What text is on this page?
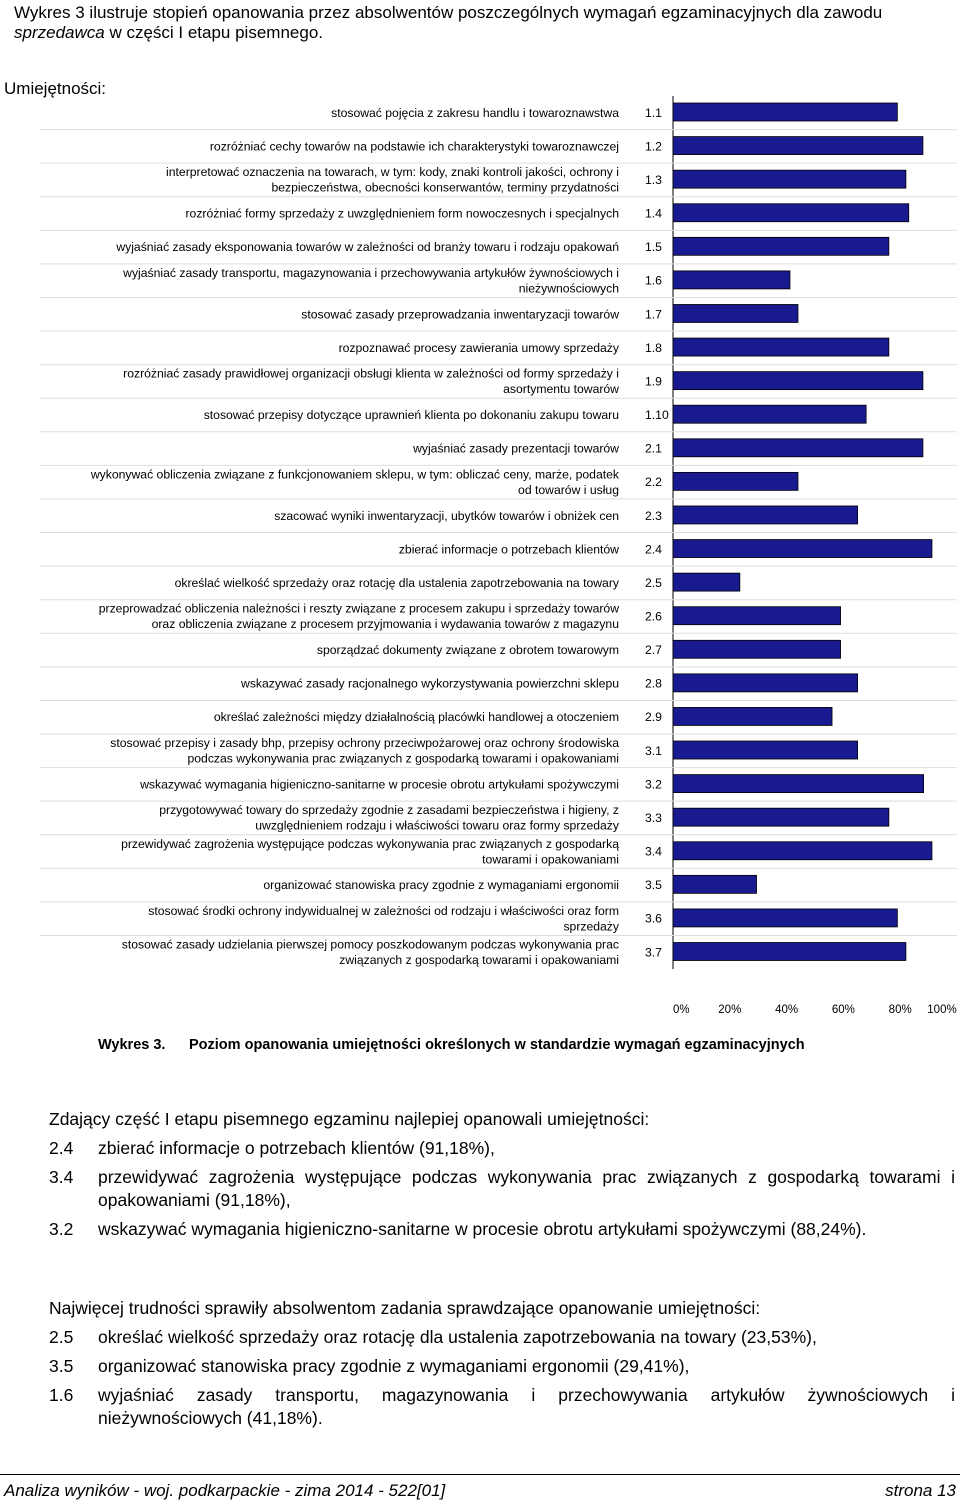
Wykres 3 ilustruje stopień opanowania przez absolwentów poszczególnych wymagań egzaminacyjnych dla zawodu sprzedawca w części I etapu pisemnego.
Umiejętności:
1.1
stosować pojęcia z zakresu handlu i towaroznawstwa
1.2
rozróżniać cechy towarów na podstawie ich charakterystyki towaroznawczej
1.3
interpretować oznaczenia na towarach, w tym: kody, znaki kontroli jakości, ochrony i
bezpieczeństwa, obecności konserwantów, terminy przydatności
1.4
rozróżniać formy sprzedaży z uwzględnieniem form nowoczesnych i specjalnych
1.5
wyjaśniać zasady eksponowania towarów w zależności od branży towaru i rodzaju opakowań
1.6
wyjaśniać zasady transportu, magazynowania i przechowywania artykułów żywnościowych i
nieżywnościowych
1.7
stosować zasady przeprowadzania inwentaryzacji towarów
1.8
rozpoznawać procesy zawierania umowy sprzedaży
1.9
rozróżniać zasady prawidłowej organizacji obsługi klienta w zależności od formy sprzedaży i
asortymentu towarów
1.10
stosować przepisy dotyczące uprawnień klienta po dokonaniu zakupu towaru
2.1
wyjaśniać zasady prezentacji towarów
2.2
wykonywać obliczenia związane z funkcjonowaniem sklepu, w tym: obliczać ceny, marże, podatek
od towarów i usług
2.3
szacować wyniki inwentaryzacji, ubytków towarów i obniżek cen
2.4
zbierać informacje o potrzebach klientów
2.5
określać wielkość sprzedaży oraz rotację dla ustalenia zapotrzebowania na towary
2.6
przeprowadzać obliczenia należności i reszty związane z procesem zakupu i sprzedaży towarów
oraz obliczenia związane z procesem przyjmowania i wydawania towarów z magazynu
2.7
sporządzać dokumenty związane z obrotem towarowym
2.8
wskazywać zasady racjonalnego wykorzystywania powierzchni sklepu
2.9
określać zależności między działalnością placówki handlowej a otoczeniem
3.1
stosować przepisy i zasady bhp, przepisy ochrony przeciwpożarowej oraz ochrony środowiska
podczas wykonywania prac związanych z gospodarką towarami i opakowaniami
3.2
wskazywać wymagania higieniczno-sanitarne w procesie obrotu artykułami spożywczymi
3.3
przygotowywać towary do sprzedaży zgodnie z zasadami bezpieczeństwa i higieny, z
uwzględnieniem rodzaju i właściwości towaru oraz formy sprzedaży
3.4
przewidywać zagrożenia występujące podczas wykonywania prac związanych z gospodarką
towarami i opakowaniami
3.5
organizować stanowiska pracy zgodnie z wymaganiami ergonomii
3.6
stosować środki ochrony indywidualnej w zależności od rodzaju i właściwości oraz form
sprzedaży
3.7
stosować zasady udzielania pierwszej pomocy poszkodowanym podczas wykonywania prac
związanych z gospodarką towarami i opakowaniami
0% 20%	40%	60%	80% 100%
Wykres 3. Poziom opanowania umiejętności określonych w standardzie wymagań egzaminacyjnych
Zdający część I etapu pisemnego egzaminu najlepiej opanowali umiejętności:
2.4	zbierać informacje o potrzebach klientów (91,18%),
3.4	przewidywać zagrożenia występujące podczas wykonywania prac związanych z gospodarką towarami i opakowaniami (91,18%),
3.2	wskazywać wymagania higieniczno-sanitarne w procesie obrotu artykułami spożywczymi (88,24%).
Najwięcej trudności sprawiły absolwentom zadania sprawdzające opanowanie umiejętności:
2.5	określać wielkość sprzedaży oraz rotację dla ustalenia zapotrzebowania na towary (23,53%),
3.5	organizować stanowiska pracy zgodnie z wymaganiami ergonomii (29,41%),
1.6	wyjaśniać zasady transportu, magazynowania i przechowywania artykułów żywnościowych i nieżywnościowych (41,18%).
Analiza wyników - woj. podkarpackie - zima 2014 - 522[01]	strona 13
